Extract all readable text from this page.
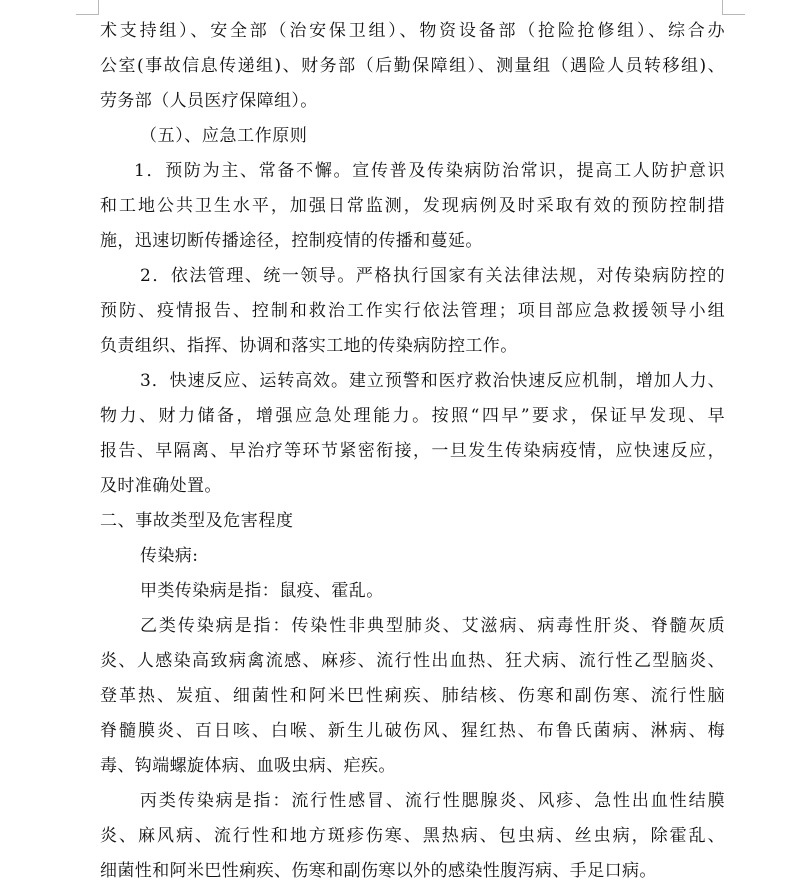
术支持组）、安全部（治安保卫组）、物资设备部（抢险抢修组）、综合办
公室(事故信息传递组)、财务部（后勤保障组）、测量组（遇险人员转移组)、
劳务部（人员医疗保障组）。
（五）、应急工作原则
1．预防为主、常备不懈。宣传普及传染病防治常识，提高工人防护意识
和工地公共卫生水平，加强日常监测，发现病例及时采取有效的预防控制措
施，迅速切断传播途径，控制疫情的传播和蔓延。
2．依法管理、统一领导。严格执行国家有关法律法规，对传染病防控的
预防、疫情报告、控制和救治工作实行依法管理；项目部应急救援领导小组
负责组织、指挥、协调和落实工地的传染病防控工作。
3．快速反应、运转高效。建立预警和医疗救治快速反应机制，增加人力、
物力、财力储备，增强应急处理能力。按照“四早”要求，保证早发现、早
报告、早隔离、早治疗等环节紧密衔接，一旦发生传染病疫情，应快速反应，
及时准确处置。
二、事故类型及危害程度
传染病:
甲类传染病是指：鼠疫、霍乱。
乙类传染病是指：传染性非典型肺炎、艾滋病、病毒性肝炎、脊髓灰质
炎、人感染高致病禽流感、麻疹、流行性出血热、狂犬病、流行性乙型脑炎、
登革热、炭疽、细菌性和阿米巴性痢疾、肺结核、伤寒和副伤寒、流行性脑
脊髓膜炎、百日咳、白喉、新生儿破伤风、猩红热、布鲁氏菌病、淋病、梅
毒、钩端螺旋体病、血吸虫病、疟疾。
丙类传染病是指：流行性感冒、流行性腮腺炎、风疹、急性出血性结膜
炎、麻风病、流行性和地方斑疹伤寒、黑热病、包虫病、丝虫病，除霍乱、
细菌性和阿米巴性痢疾、伤寒和副伤寒以外的感染性腹泻病、手足口病。
